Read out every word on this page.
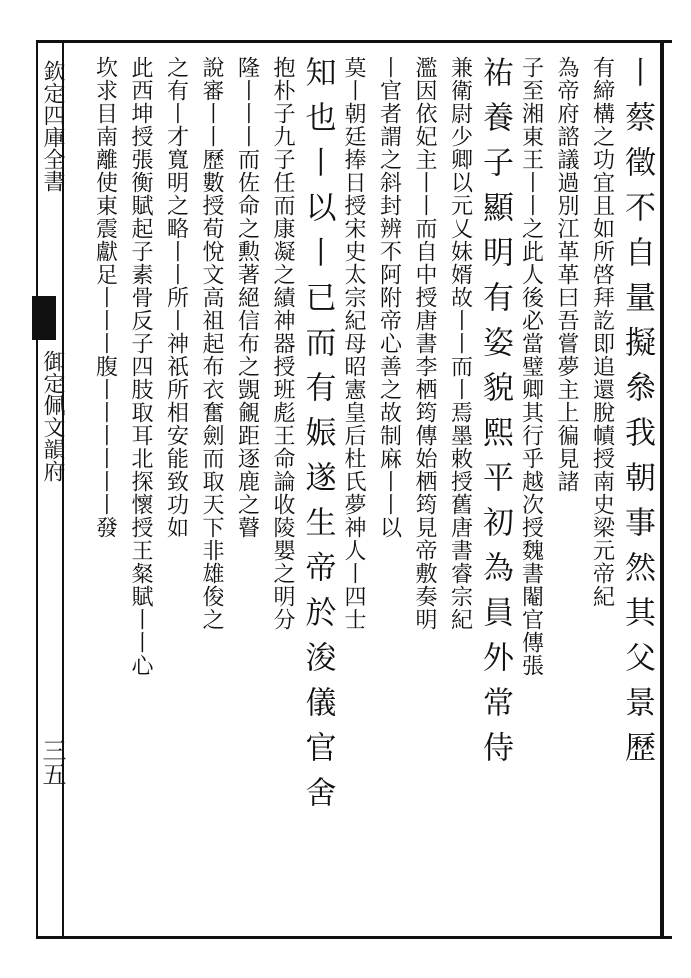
丨蔡徵不自量擬叅我朝事然其父景歷
有締構之功宜且如所啓拜訖即追還脫幘授南史梁元帝紀
為帝府諮議過別江革革曰吾嘗夢主上徧見諸
子至湘東王丨丨之此人後必當璧卿其行乎越次授魏書閹官傳張
祐養子顯明有姿貌熙平初為員外常侍
兼衛尉少卿以元乂妹婿故丨丨而丨焉墨敕授舊唐書睿宗紀
濫因依妃主丨丨而自中授唐書李栖筠傳始栖筠見帝敷奏明
丨官者謂之斜封辨不阿附帝心善之故制麻丨丨以
莫丨朝廷捧日授宋史太宗紀母昭憲皇后杜氏夢神人丨四士
知也丨以丨已而有娠遂生帝於浚儀官舍
抱朴子九子任而康凝之績神器授班彪王命論收陵嬰之明分
隆丨丨丨而佐命之勲著絕信布之覬覦距逐鹿之瞽
說審丨丨歷數授荀悅文高祖起布衣奮劍而取天下非雄俊之
之有丨才寬明之略丨丨所丨神祇所相安能致功如
此西坤授張衡賦起子素骨反子四肢取耳北探懷授王粲賦丨丨心
坎求目南離使東震獻足丨丨丨腹丨丨丨丨丨丨發
欽定四庫全書
御定佩文韻府
三五
